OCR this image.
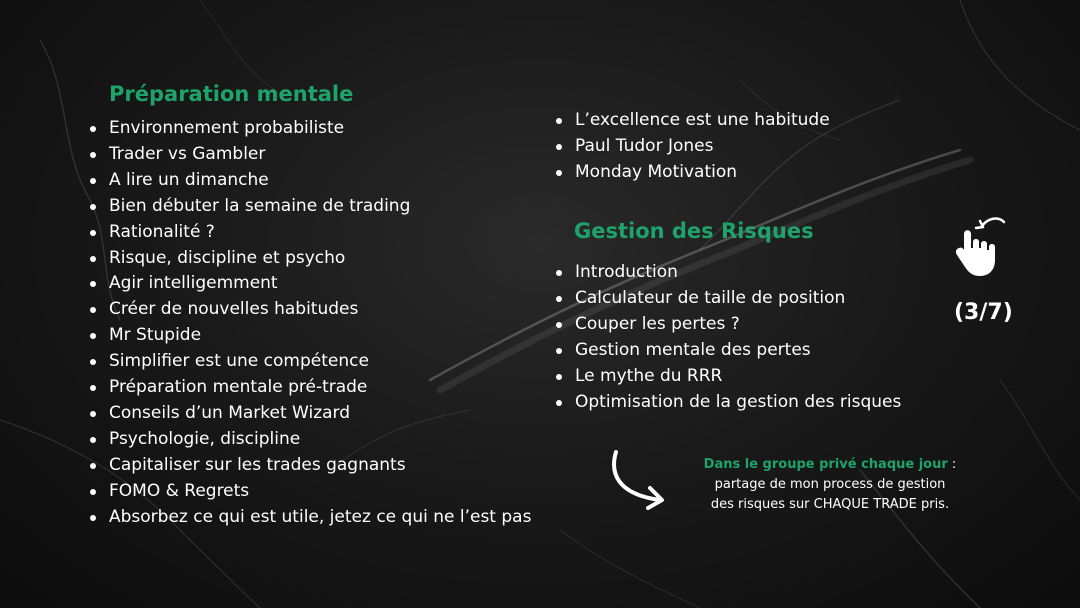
Préparation mentale
Environnement probabiliste
Trader vs Gambler
A lire un dimanche
Bien débuter la semaine de trading
Rationalité ?
Risque, discipline et psycho
Agir intelligemment
Créer de nouvelles habitudes
Mr Stupide
Simplifier est une compétence
Préparation mentale pré-trade
Conseils d’un Market Wizard
Psychologie, discipline
Capitaliser sur les trades gagnants
FOMO & Regrets
Absorbez ce qui est utile, jetez ce qui ne l’est pas
L’excellence est une habitude
Paul Tudor Jones
Monday Motivation
Gestion des Risques
Introduction
Calculateur de taille de position
Couper les pertes ?
Gestion mentale des pertes
Le mythe du RRR
Optimisation de la gestion des risques
(3/7)
Dans le groupe privé chaque jour :
partage de mon process de gestion
des risques sur CHAQUE TRADE pris.
